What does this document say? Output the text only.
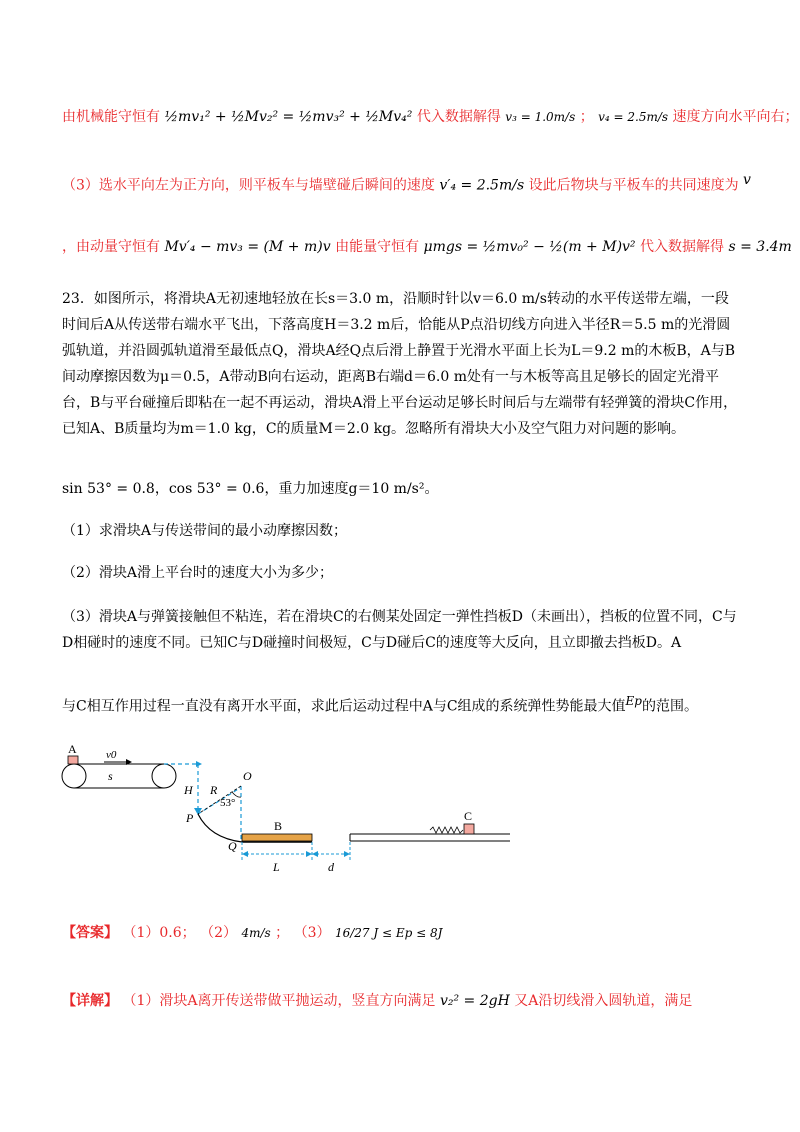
由机械能守恒有 ½mv₁² + ½Mv₂² = ½mv₃² + ½Mv₄² 代入数据解得 v₃ = 1.0m/s ； v₄ = 2.5m/s 速度方向水平向右；
（3）选水平向左为正方向，则平板车与墙壁碰后瞬间的速度 v′₄ = 2.5m/s 设此后物块与平板车的共同速度为 v
，由动量守恒有 Mv′₄ − mv₃ = (M + m)v 由能量守恒有 μmgs = ½mv₀² − ½(m + M)v² 代入数据解得 s = 3.4m
23．如图所示，将滑块A无初速地轻放在长s＝3.0 m，沿顺时针以v＝6.0 m/s转动的水平传送带左端，一段时间后A从传送带右端水平飞出，下落高度H＝3.2 m后，恰能从P点沿切线方向进入半径R＝5.5 m的光滑圆弧轨道，并沿圆弧轨道滑至最低点Q，滑块A经Q点后滑上静置于光滑水平面上长为L＝9.2 m的木板B，A与B间动摩擦因数为μ＝0.5，A带动B向右运动，距离B右端d＝6.0 m处有一与木板等高且足够长的固定光滑平台，B与平台碰撞后即粘在一起不再运动，滑块A滑上平台运动足够长时间后与左端带有轻弹簧的滑块C作用，已知A、B质量均为m＝1.0 kg，C的质量M＝2.0 kg。忽略所有滑块大小及空气阻力对问题的影响。
sin 53° = 0.8，cos 53° = 0.6，重力加速度g＝10 m/s²。
（1）求滑块A与传送带间的最小动摩擦因数；
（2）滑块A滑上平台时的速度大小为多少；
（3）滑块A与弹簧接触但不粘连，若在滑块C的右侧某处固定一弹性挡板D（未画出），挡板的位置不同，C与D相碰时的速度不同。已知C与D碰撞时间极短，C与D碰后C的速度等大反向，且立即撤去挡板D。A
与C相互作用过程一直没有离开水平面，求此后运动过程中A与C组成的系统弹性势能最大值Ep的范围。
A	v0
s
H R
O
53°
P
Q
B
C
L	d
【答案】 （1）0.6； （2） 4m/s ； （3） 16/27 J ≤ Ep ≤ 8J
【详解】 （1）滑块A离开传送带做平抛运动，竖直方向满足 v₂² = 2gH 又A沿切线滑入圆轨道，满足
